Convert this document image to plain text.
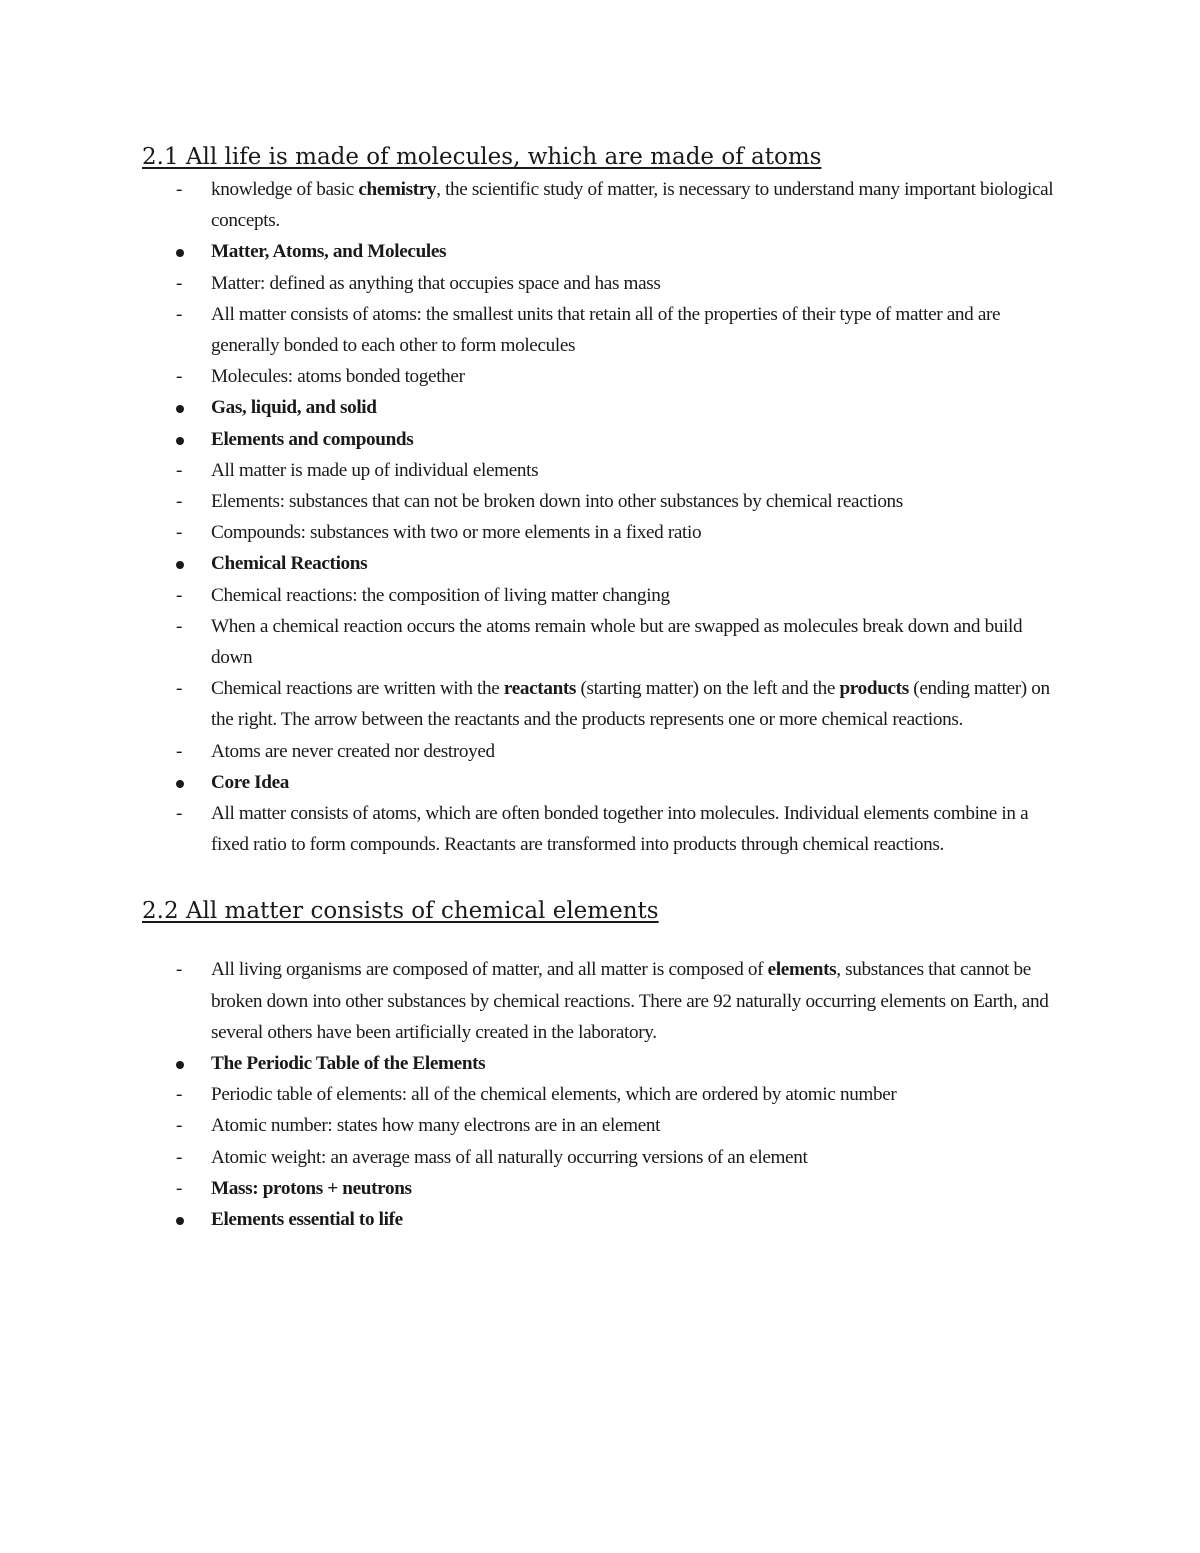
2.1 All life is made of molecules, which are made of atoms
-
knowledge of basic chemistry, the scientific study of matter, is necessary to understand many important biological concepts.
Matter, Atoms, and Molecules
-
Matter: defined as anything that occupies space and has mass
-
All matter consists of atoms: the smallest units that retain all of the properties of their type of matter and are generally bonded to each other to form molecules
-
Molecules: atoms bonded together
Gas, liquid, and solid
Elements and compounds
-
All matter is made up of individual elements
-
Elements: substances that can not be broken down into other substances by chemical reactions
-
Compounds: substances with two or more elements in a fixed ratio
Chemical Reactions
-
Chemical reactions: the composition of living matter changing
-
When a chemical reaction occurs the atoms remain whole but are swapped as molecules break down and build down
-
Chemical reactions are written with the reactants (starting matter) on the left and the products (ending matter) on the right. The arrow between the reactants and the products represents one or more chemical reactions.
-
Atoms are never created nor destroyed
Core Idea
-
All matter consists of atoms, which are often bonded together into molecules. Individual elements combine in a fixed ratio to form compounds. Reactants are transformed into products through chemical reactions.
2.2 All matter consists of chemical elements
-
All living organisms are composed of matter, and all matter is composed of elements, substances that cannot be broken down into other substances by chemical reactions. There are 92 naturally occurring elements on Earth, and several others have been artificially created in the laboratory.
The Periodic Table of the Elements
-
Periodic table of elements: all of the chemical elements, which are ordered by atomic number
-
Atomic number: states how many electrons are in an element
-
Atomic weight: an average mass of all naturally occurring versions of an element
-
Mass: protons + neutrons
Elements essential to life
